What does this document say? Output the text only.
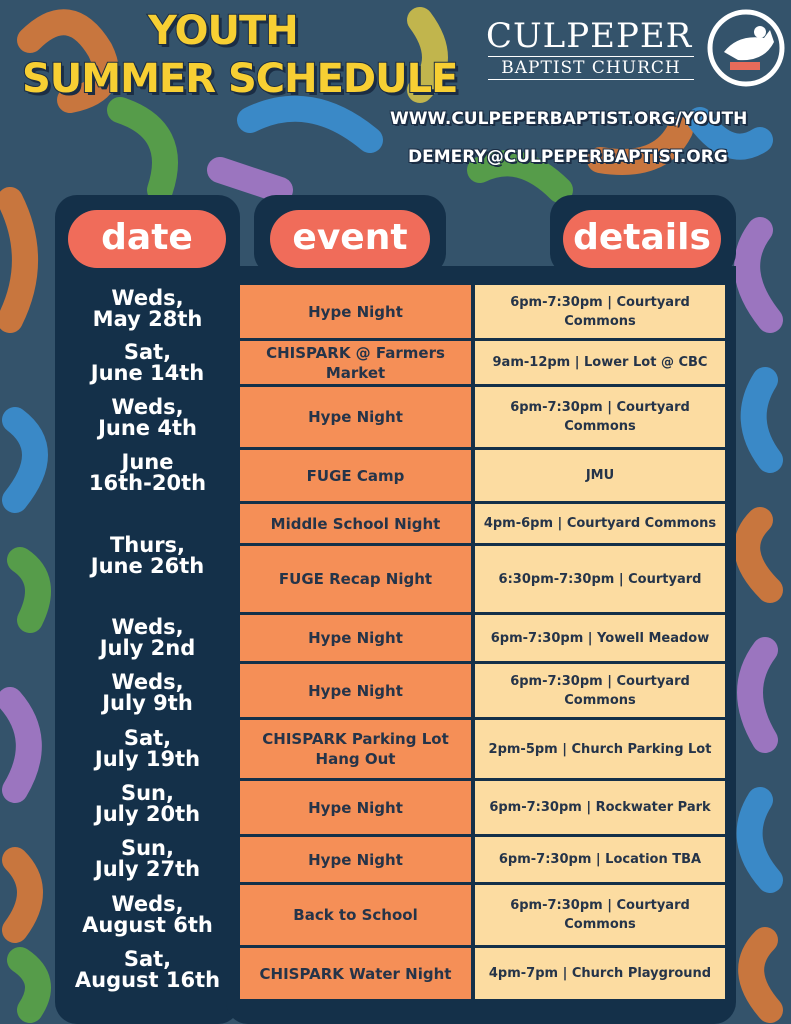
YOUTH
SUMMER SCHEDULE
CULPEPER
BAPTIST CHURCH
WWW.CULPEPERBAPTIST.ORG/YOUTH
DEMERY@CULPEPERBAPTIST.ORG
date	event	details
Weds,
May 28th
Sat,
June 14th
Weds,
June 4th
June
16th-20th
Thurs,
June 26th
Weds,
July 2nd
Weds,
July 9th
Sat,
July 19th
Sun,
July 20th
Sun,
July 27th
Weds,
August 6th
Sat,
August 16th
Hype Night
CHISPARK @ Farmers Market
Hype Night
FUGE Camp
Middle School Night
FUGE Recap Night
Hype Night
Hype Night
CHISPARK Parking Lot Hang Out
Hype Night
Hype Night
Back to School
CHISPARK Water Night
6pm-7:30pm | Courtyard Commons
9am-12pm | Lower Lot @ CBC
6pm-7:30pm | Courtyard Commons
JMU
4pm-6pm | Courtyard Commons
6:30pm-7:30pm | Courtyard
6pm-7:30pm | Yowell Meadow
6pm-7:30pm | Courtyard Commons
2pm-5pm | Church Parking Lot
6pm-7:30pm | Rockwater Park
6pm-7:30pm | Location TBA
6pm-7:30pm | Courtyard Commons
4pm-7pm | Church Playground
